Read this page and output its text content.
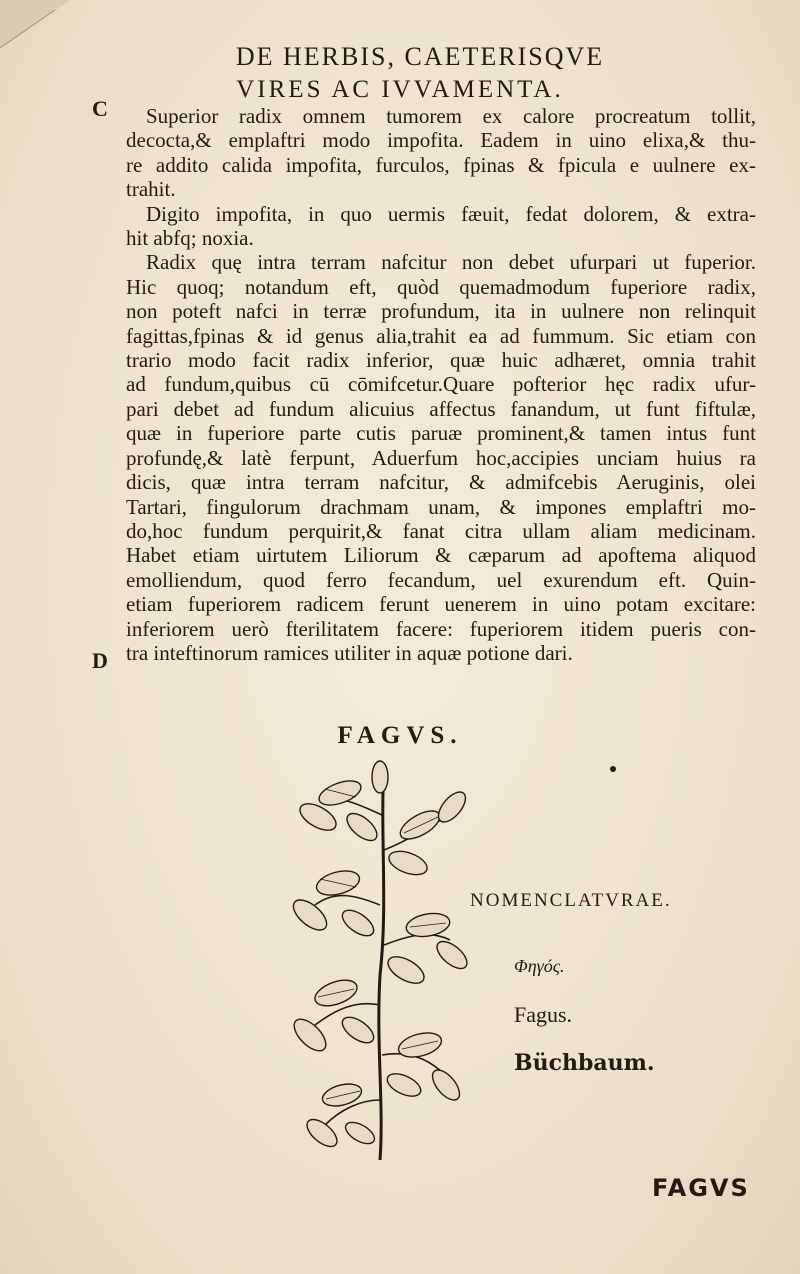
DE HERBIS, CAETERISQVE
VIRES AC IVVAMENTA.
C
D
Superior radix omnem tumorem ex calore procreatum tollit,
decocta,& emplaftri modo impofita. Eadem in uino elixa,& thu-
re addito calida impofita, furculos, fpinas & fpicula e uulnere ex-
trahit.
Digito impofita, in quo uermis fæuit, fedat dolorem, & extra-
hit abfq; noxia.
Radix quę intra terram nafcitur non debet ufurpari ut fuperior.
Hic quoq; notandum eft, quòd quemadmodum fuperiore radix,
non poteft nafci in terræ profundum, ita in uulnere non relinquit
fagittas,fpinas & id genus alia,trahit ea ad fummum. Sic etiam con
trario modo facit radix inferior, quæ huic adhæret, omnia trahit
ad fundum,quibus cū cōmifcetur.Quare pofterior hęc radix ufur-
pari debet ad fundum alicuius affectus fanandum, ut funt fiftulæ,
quæ in fuperiore parte cutis paruæ prominent,& tamen intus funt
profundę,& latè ferpunt, Aduerfum hoc,accipies unciam huius ra
dicis, quæ intra terram nafcitur, & admifcebis Aeruginis, olei
Tartari, fingulorum drachmam unam, & impones emplaftri mo-
do,hoc fundum perquirit,& fanat citra ullam aliam medicinam.
Habet etiam uirtutem Liliorum & cæparum ad apoftema aliquod
emolliendum, quod ferro fecandum, uel exurendum eft. Quin-
etiam fuperiorem radicem ferunt uenerem in uino potam excitare:
inferiorem uerò fterilitatem facere: fuperiorem itidem pueris con-
tra inteftinorum ramices utiliter in aquæ potione dari.
FAGVS.
NOMENCLATVRAE.
Φηγός.
Fagus.
Büchbaum.
FAGVS
